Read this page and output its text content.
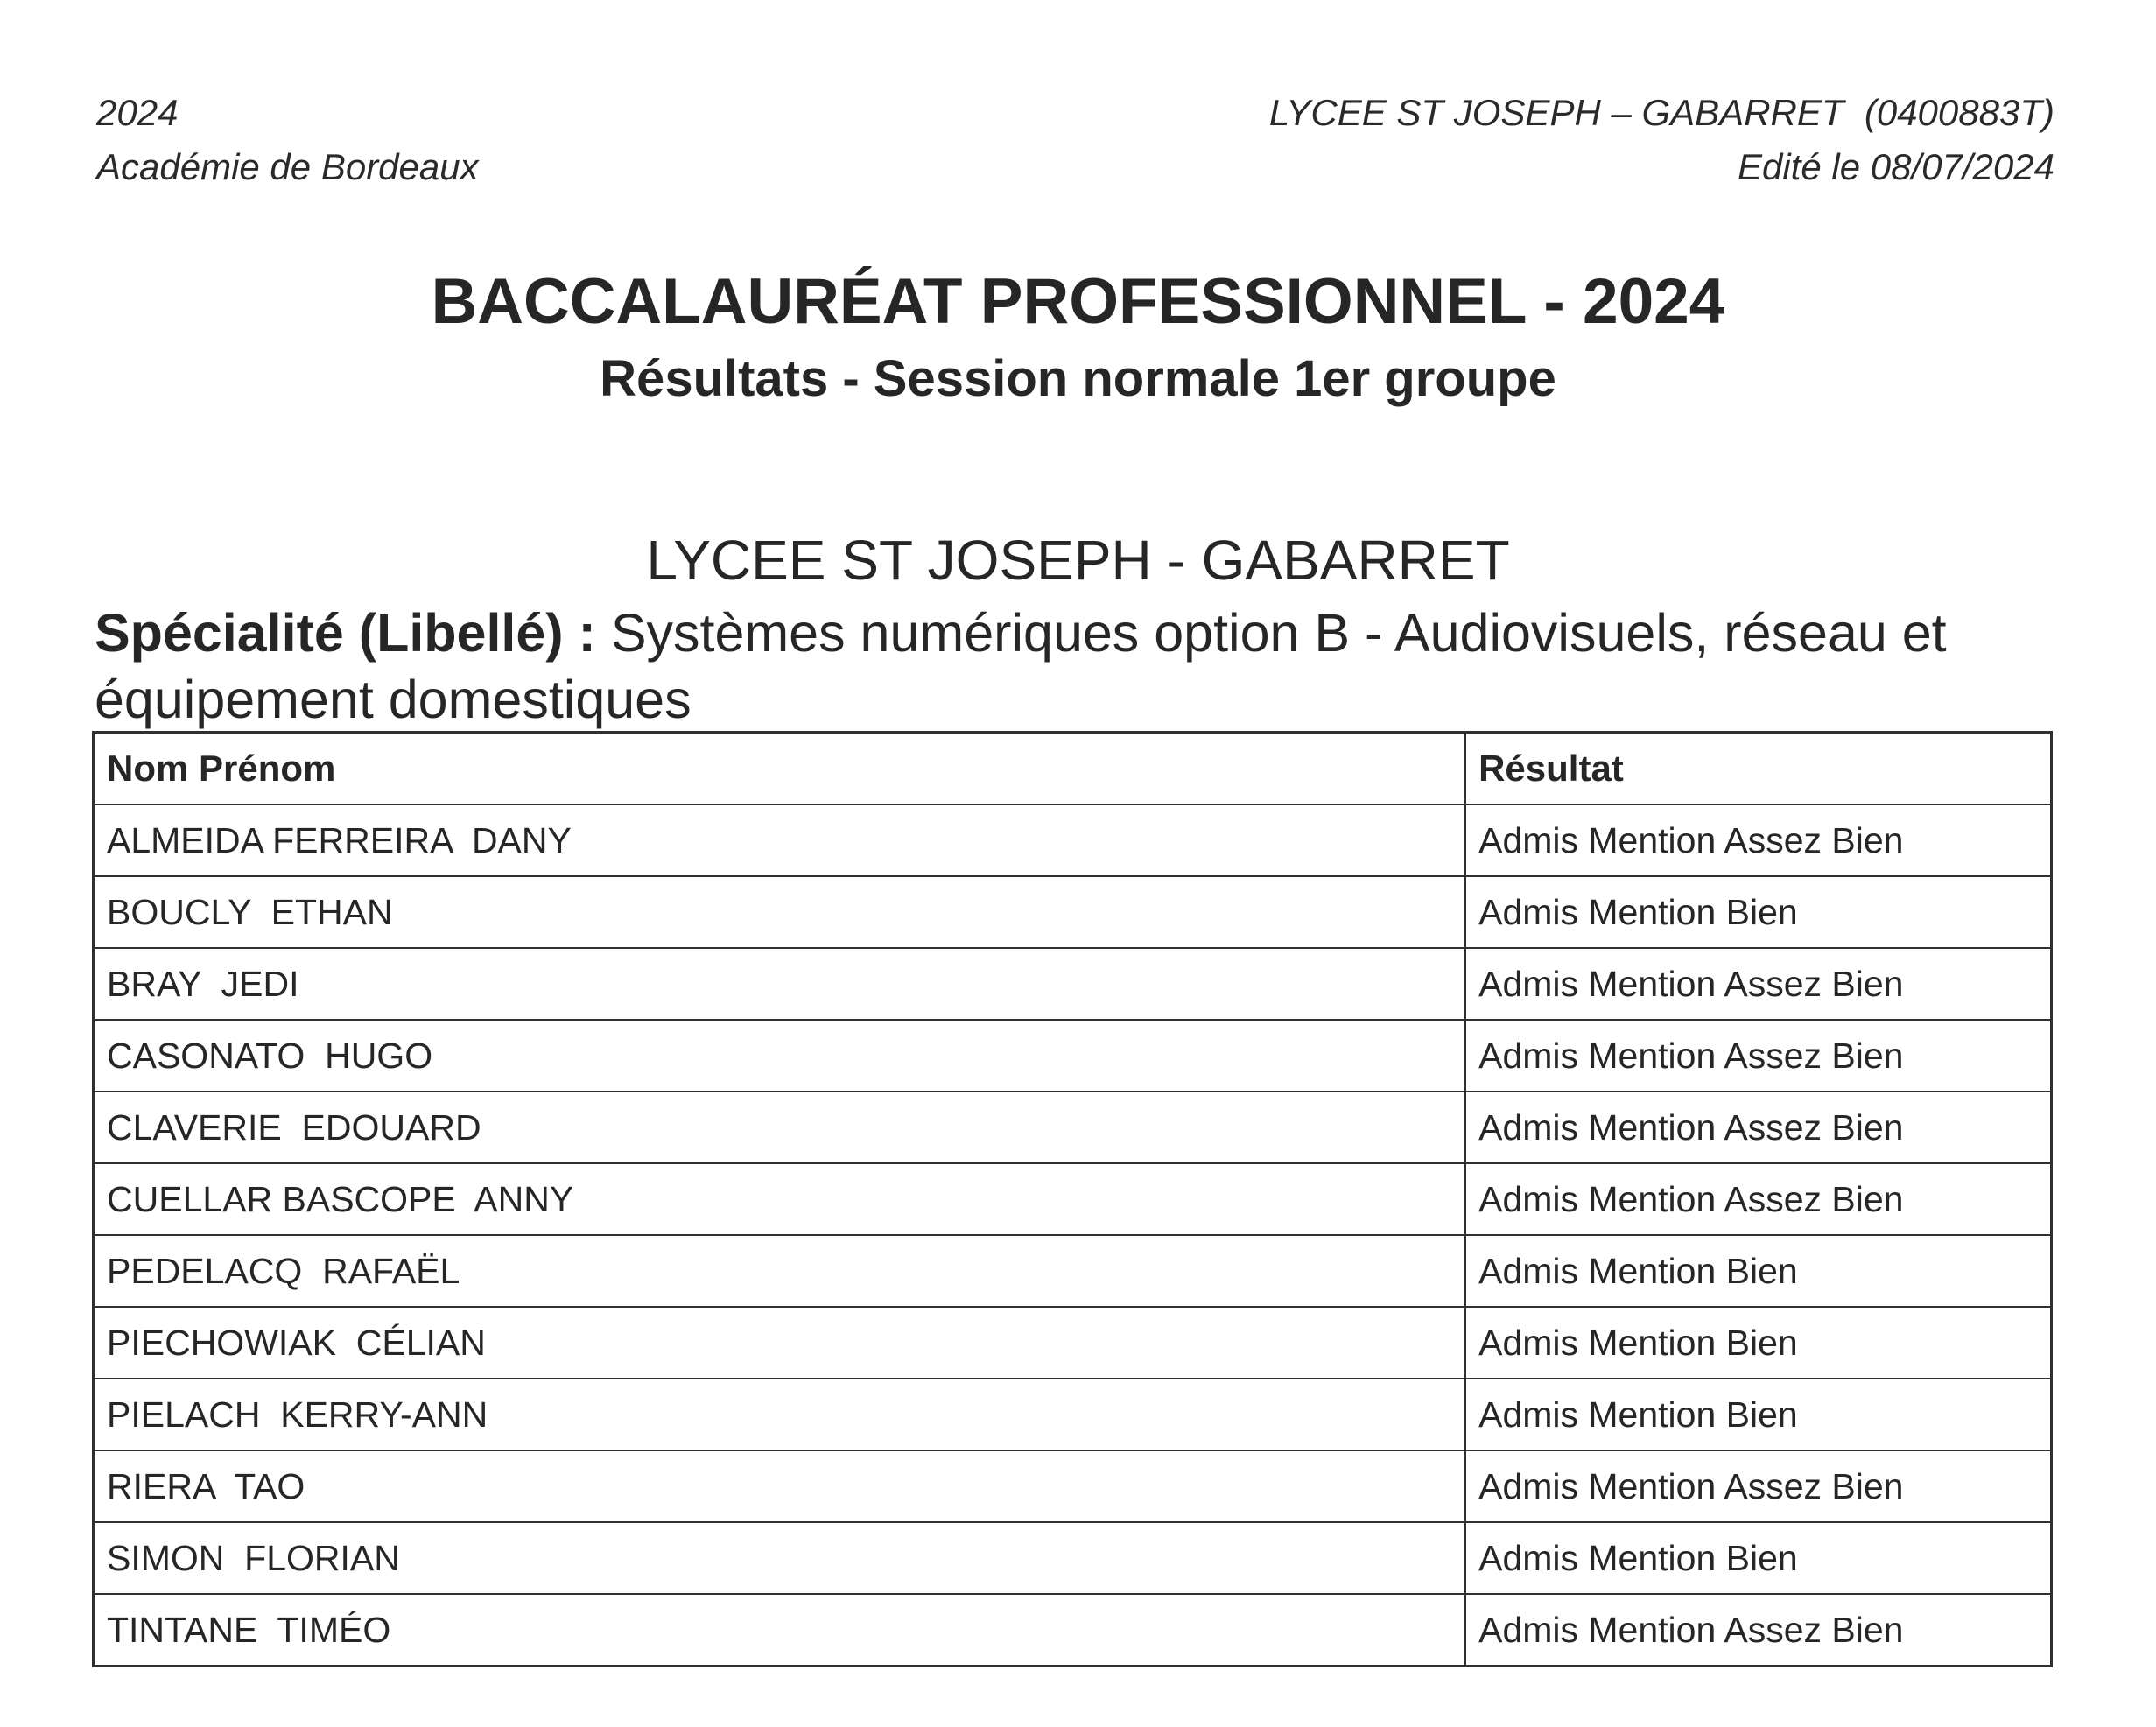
2024
Académie de Bordeaux
LYCEE ST JOSEPH – GABARRET  (0400883T)
Edité le 08/07/2024
BACCALAURÉAT PROFESSIONNEL - 2024
Résultats - Session normale 1er groupe
LYCEE ST JOSEPH - GABARRET
Spécialité (Libellé) : Systèmes numériques option B - Audiovisuels, réseau et équipement domestiques
Nom Prénom	Résultat
ALMEIDA FERREIRA  DANY	Admis Mention Assez Bien
BOUCLY  ETHAN	Admis Mention Bien
BRAY  JEDI	Admis Mention Assez Bien
CASONATO  HUGO	Admis Mention Assez Bien
CLAVERIE  EDOUARD	Admis Mention Assez Bien
CUELLAR BASCOPE  ANNY	Admis Mention Assez Bien
PEDELACQ  RAFAËL	Admis Mention Bien
PIECHOWIAK  CÉLIAN	Admis Mention Bien
PIELACH  KERRY-ANN	Admis Mention Bien
RIERA  TAO	Admis Mention Assez Bien
SIMON  FLORIAN	Admis Mention Bien
TINTANE  TIMÉO	Admis Mention Assez Bien
